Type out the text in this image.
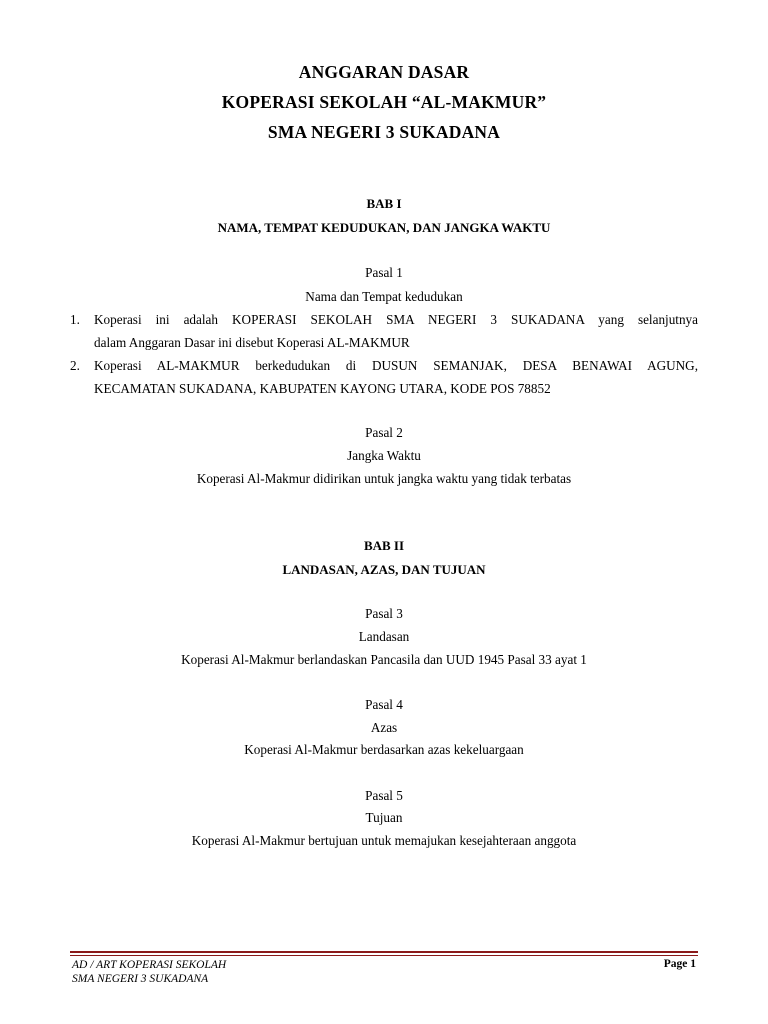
ANGGARAN DASAR
KOPERASI SEKOLAH “AL-MAKMUR”
SMA NEGERI 3 SUKADANA
BAB I
NAMA, TEMPAT KEDUDUKAN, DAN JANGKA WAKTU
Pasal 1
Nama dan Tempat kedudukan
1. Koperasi ini adalah KOPERASI SEKOLAH SMA NEGERI 3 SUKADANA yang selanjutnya
dalam Anggaran Dasar ini disebut Koperasi AL-MAKMUR
2. Koperasi AL-MAKMUR berkedudukan di DUSUN SEMANJAK, DESA BENAWAI AGUNG,
KECAMATAN SUKADANA, KABUPATEN KAYONG UTARA, KODE POS 78852
Pasal 2
Jangka Waktu
Koperasi Al-Makmur didirikan untuk jangka waktu yang tidak terbatas
BAB II
LANDASAN, AZAS, DAN TUJUAN
Pasal 3
Landasan
Koperasi Al-Makmur berlandaskan Pancasila dan UUD 1945 Pasal 33 ayat 1
Pasal 4
Azas
Koperasi Al-Makmur berdasarkan azas kekeluargaan
Pasal 5
Tujuan
Koperasi Al-Makmur bertujuan untuk memajukan kesejahteraan anggota
AD / ART KOPERASI SEKOLAH
SMA NEGERI 3 SUKADANA
Page 1
